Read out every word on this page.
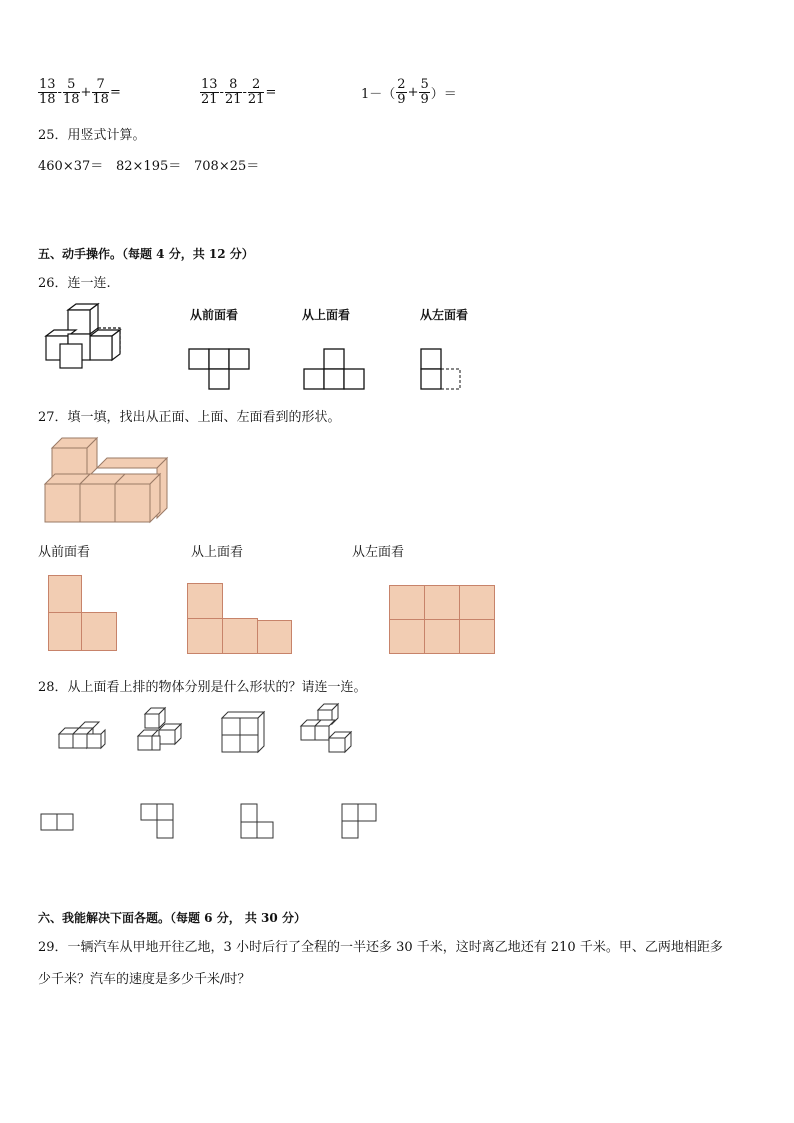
$\frac{13}{18} - \frac{5}{18} + \frac{7}{18}$ =	$\frac{13}{21} - \frac{8}{21} - \frac{2}{21}$ =	$1-( \frac{2}{9} + \frac{5}{9}$ ）＝
25．用竖式计算。
460×37＝ 82×195＝ 708×25＝
五、动手操作。（每题 4 分，共 12 分）
26．连一连.
从前面看	从上面看	从左面看
27．填一填，找出从正面、上面、左面看到的形状。
从前面看	从上面看	从左面看
28．从上面看上排的物体分别是什么形状的？请连一连。
六、我能解决下面各题。（每题 6 分， 共 30 分）
29．一辆汽车从甲地开往乙地，3 小时后行了全程的一半还多 30 千米，这时离乙地还有 210 千米。甲、乙两地相距多
少千米？汽车的速度是多少千米/时？
